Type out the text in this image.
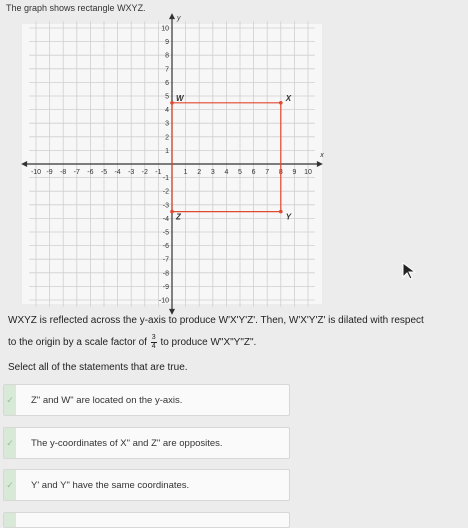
The graph shows rectangle WXYZ.
x
y
-10 -9 -8 -7 -6 -5 -4 -3 -2 -1	1 2 3 4 5 6 7 8 9 10
10
9
8
7
6
5
4
3
2
1
-1
-2
-3
-4
-5
-6
-7
-8
-9
-10
W	X
Y
Z
WXYZ is reflected across the y-axis to produce W'X'Y'Z'. Then, W'X'Y'Z' is dilated with respect
to the origin by a scale factor of $\frac{3}{4}$ to produce W"X"Y"Z".
Select all of the statements that are true.
✓ Z" and W" are located on the y-axis.
✓ The y-coordinates of X" and Z" are opposites.
✓ Y' and Y" have the same coordinates.
